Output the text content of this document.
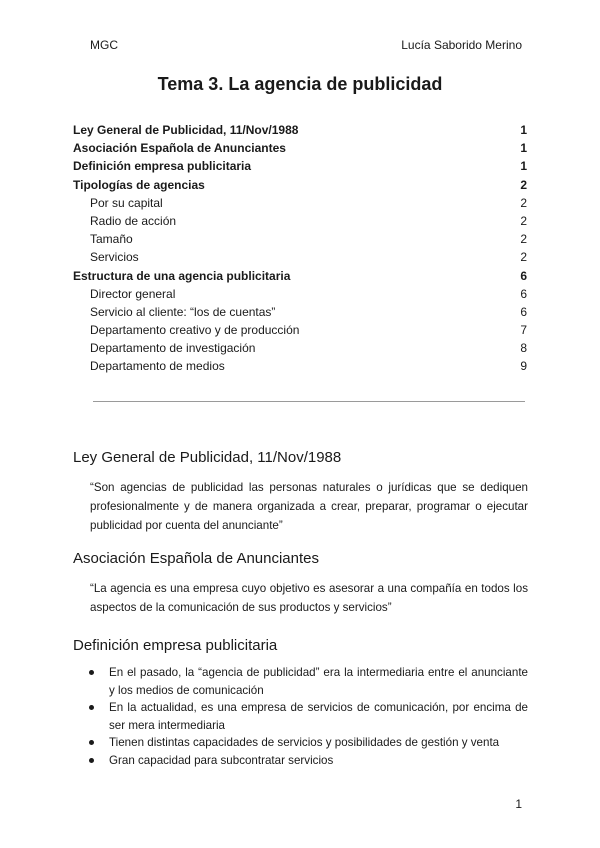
MGC	Lucía Saborido Merino
Tema 3. La agencia de publicidad
Ley General de Publicidad, 11/Nov/1988	1
Asociación Española de Anunciantes	1
Definición empresa publicitaria	1
Tipologías de agencias	2
Por su capital	2
Radio de acción	2
Tamaño	2
Servicios	2
Estructura de una agencia publicitaria	6
Director general	6
Servicio al cliente: “los de cuentas”	6
Departamento creativo y de producción	7
Departamento de investigación	8
Departamento de medios	9
Ley General de Publicidad, 11/Nov/1988

“Son agencias de publicidad las personas naturales o jurídicas que se dediquen profesionalmente y de manera organizada a crear, preparar, programar o ejecutar publicidad por cuenta del anunciante”

Asociación Española de Anunciantes

“La agencia es una empresa cuyo objetivo es asesorar a una compañía en todos los aspectos de la comunicación de sus productos y servicios”

Definición empresa publicitaria
En el pasado, la “agencia de publicidad” era la intermediaria entre el anunciante y los medios de comunicación
En la actualidad, es una empresa de servicios de comunicación, por encima de ser mera intermediaria
Tienen distintas capacidades de servicios y posibilidades de gestión y venta
Gran capacidad para subcontratar servicios
1
